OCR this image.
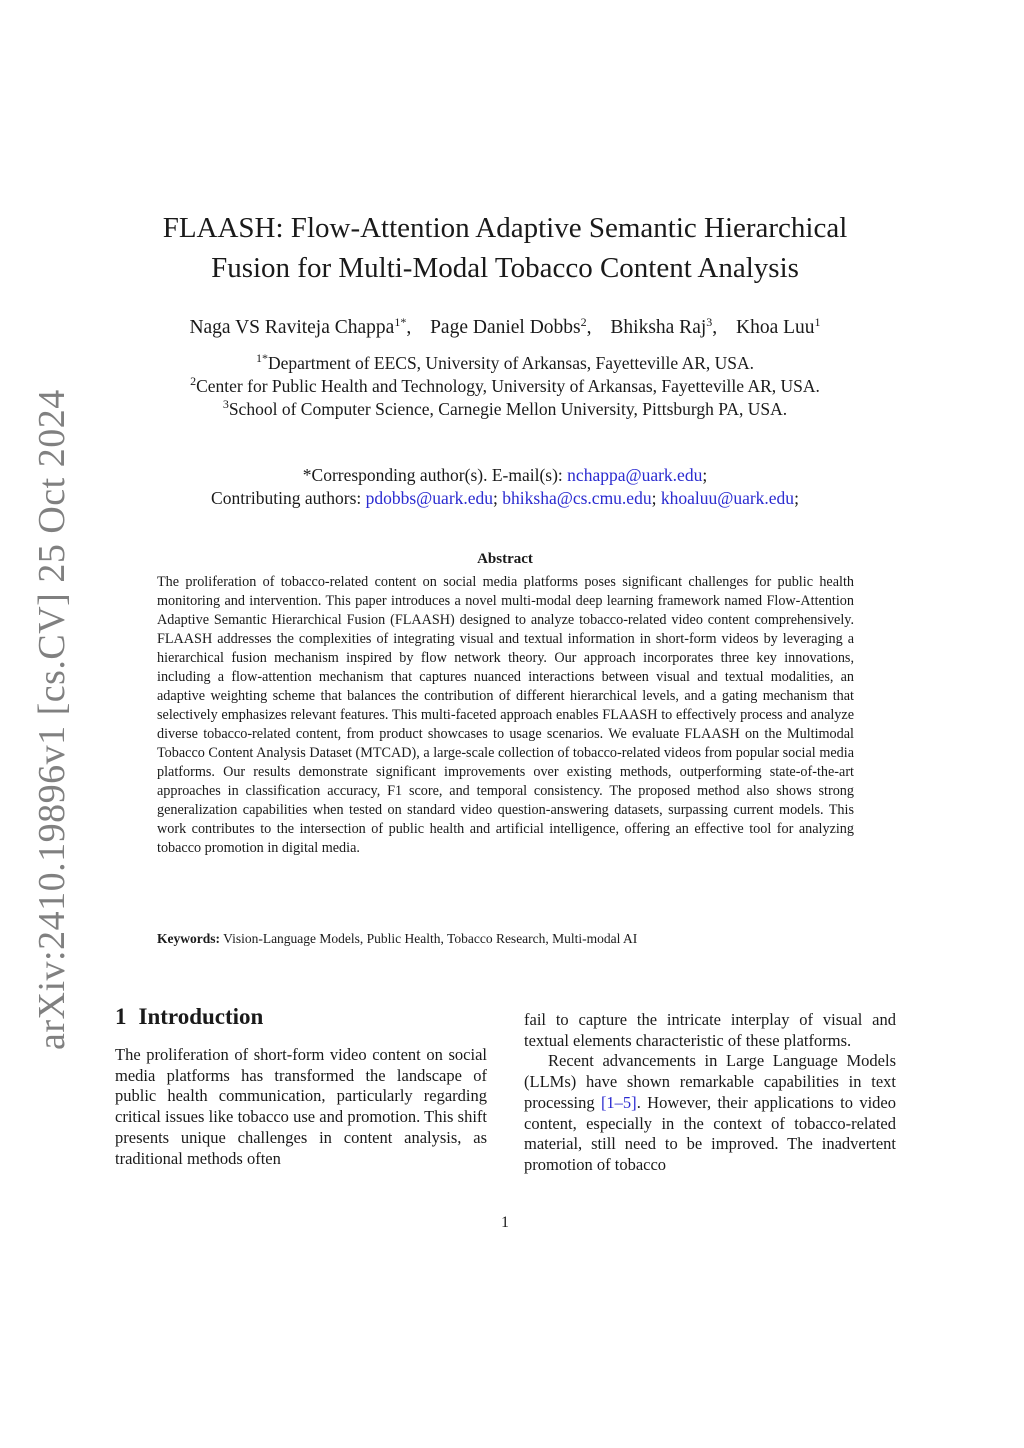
arXiv:2410.19896v1 [cs.CV] 25 Oct 2024
FLAASH: Flow-Attention Adaptive Semantic Hierarchical
Fusion for Multi-Modal Tobacco Content Analysis
Naga VS Raviteja Chappa$^{1*}$, Page Daniel Dobbs$^2$, Bhiksha Raj$^3$, Khoa Luu$^1$
$^{1*}$Department of EECS, University of Arkansas, Fayetteville AR, USA.
$^2$Center for Public Health and Technology, University of Arkansas, Fayetteville AR, USA.
$^3$School of Computer Science, Carnegie Mellon University, Pittsburgh PA, USA.
*Corresponding author(s). E-mail(s): nchappa@uark.edu;
Contributing authors: pdobbs@uark.edu; bhiksha@cs.cmu.edu; khoaluu@uark.edu;
Abstract
The proliferation of tobacco-related content on social media platforms poses significant challenges for public health monitoring and intervention. This paper introduces a novel multi-modal deep learning framework named Flow-Attention Adaptive Semantic Hierarchical Fusion (FLAASH) designed to analyze tobacco-related video content comprehensively. FLAASH addresses the complexities of integrating visual and textual information in short-form videos by leveraging a hierarchical fusion mechanism inspired by flow network theory. Our approach incorporates three key innovations, including a flow-attention mechanism that captures nuanced interactions between visual and textual modalities, an adaptive weighting scheme that balances the contribution of different hierarchical levels, and a gating mechanism that selectively emphasizes relevant features. This multi-faceted approach enables FLAASH to effectively process and analyze diverse tobacco-related content, from product showcases to usage scenarios. We evaluate FLAASH on the Multimodal Tobacco Content Analysis Dataset (MTCAD), a large-scale collection of tobacco-related videos from popular social media platforms. Our results demonstrate significant improvements over existing methods, outperforming state-of-the-art approaches in classification accuracy, F1 score, and temporal consistency. The proposed method also shows strong generalization capabilities when tested on standard video question-answering datasets, surpassing current models. This work contributes to the intersection of public health and artificial intelligence, offering an effective tool for analyzing tobacco promotion in digital media.
Keywords: Vision-Language Models, Public Health, Tobacco Research, Multi-modal AI
1 Introduction

The proliferation of short-form video content on social media platforms has transformed the landscape of public health communication, particularly regarding critical issues like tobacco use and promotion. This shift presents unique challenges in content analysis, as traditional methods often

fail to capture the intricate interplay of visual and textual elements characteristic of these platforms.

Recent advancements in Large Language Models (LLMs) have shown remarkable capabilities in text processing [1–5]. However, their applications to video content, especially in the context of tobacco-related material, still need to be improved. The inadvertent promotion of tobacco

1
